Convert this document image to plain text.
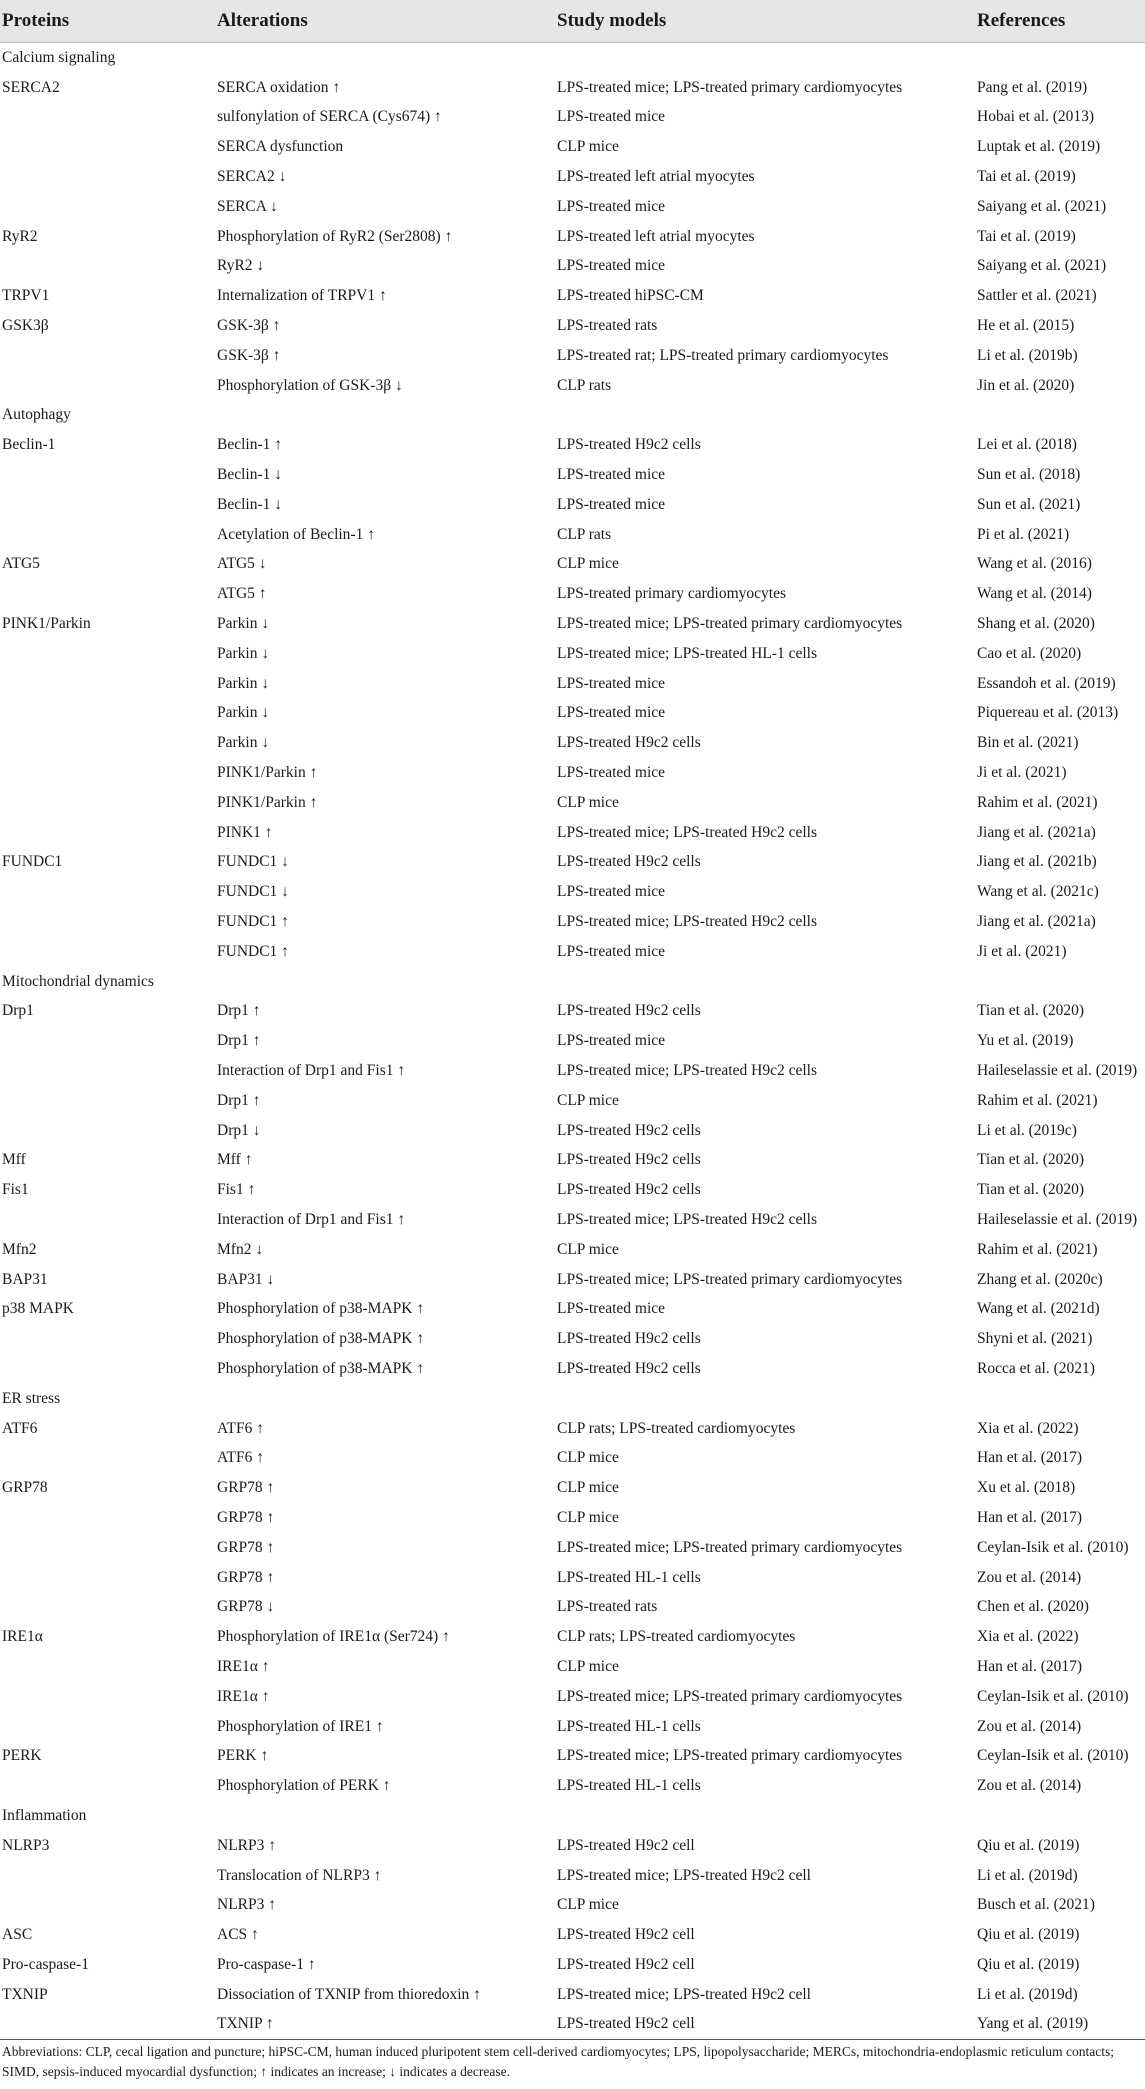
Proteins	Alterations	Study models	References
Calcium signaling			
SERCA2	SERCA oxidation ↑	LPS-treated mice; LPS-treated primary cardiomyocytes	Pang et al. (2019)
	sulfonylation of SERCA (Cys674) ↑	LPS-treated mice	Hobai et al. (2013)
	SERCA dysfunction	CLP mice	Luptak et al. (2019)
	SERCA2 ↓	LPS-treated left atrial myocytes	Tai et al. (2019)
	SERCA ↓	LPS-treated mice	Saiyang et al. (2021)
RyR2	Phosphorylation of RyR2 (Ser2808) ↑	LPS-treated left atrial myocytes	Tai et al. (2019)
	RyR2 ↓	LPS-treated mice	Saiyang et al. (2021)
TRPV1	Internalization of TRPV1 ↑	LPS-treated hiPSC-CM	Sattler et al. (2021)
GSK3β	GSK-3β ↑	LPS-treated rats	He et al. (2015)
	GSK-3β ↑	LPS-treated rat; LPS-treated primary cardiomyocytes	Li et al. (2019b)
	Phosphorylation of GSK-3β ↓	CLP rats	Jin et al. (2020)
Autophagy			
Beclin-1	Beclin-1 ↑	LPS-treated H9c2 cells	Lei et al. (2018)
	Beclin-1 ↓	LPS-treated mice	Sun et al. (2018)
	Beclin-1 ↓	LPS-treated mice	Sun et al. (2021)
	Acetylation of Beclin-1 ↑	CLP rats	Pi et al. (2021)
ATG5	ATG5 ↓	CLP mice	Wang et al. (2016)
	ATG5 ↑	LPS-treated primary cardiomyocytes	Wang et al. (2014)
PINK1/Parkin	Parkin ↓	LPS-treated mice; LPS-treated primary cardiomyocytes	Shang et al. (2020)
	Parkin ↓	LPS-treated mice; LPS-treated HL-1 cells	Cao et al. (2020)
	Parkin ↓	LPS-treated mice	Essandoh et al. (2019)
	Parkin ↓	LPS-treated mice	Piquereau et al. (2013)
	Parkin ↓	LPS-treated H9c2 cells	Bin et al. (2021)
	PINK1/Parkin ↑	LPS-treated mice	Ji et al. (2021)
	PINK1/Parkin ↑	CLP mice	Rahim et al. (2021)
	PINK1 ↑	LPS-treated mice; LPS-treated H9c2 cells	Jiang et al. (2021a)
FUNDC1	FUNDC1 ↓	LPS-treated H9c2 cells	Jiang et al. (2021b)
	FUNDC1 ↓	LPS-treated mice	Wang et al. (2021c)
	FUNDC1 ↑	LPS-treated mice; LPS-treated H9c2 cells	Jiang et al. (2021a)
	FUNDC1 ↑	LPS-treated mice	Ji et al. (2021)
Mitochondrial dynamics			
Drp1	Drp1 ↑	LPS-treated H9c2 cells	Tian et al. (2020)
	Drp1 ↑	LPS-treated mice	Yu et al. (2019)
	Interaction of Drp1 and Fis1 ↑	LPS-treated mice; LPS-treated H9c2 cells	Haileselassie et al. (2019)
	Drp1 ↑	CLP mice	Rahim et al. (2021)
	Drp1 ↓	LPS-treated H9c2 cells	Li et al. (2019c)
Mff	Mff ↑	LPS-treated H9c2 cells	Tian et al. (2020)
Fis1	Fis1 ↑	LPS-treated H9c2 cells	Tian et al. (2020)
	Interaction of Drp1 and Fis1 ↑	LPS-treated mice; LPS-treated H9c2 cells	Haileselassie et al. (2019)
Mfn2	Mfn2 ↓	CLP mice	Rahim et al. (2021)
BAP31	BAP31 ↓	LPS-treated mice; LPS-treated primary cardiomyocytes	Zhang et al. (2020c)
p38 MAPK	Phosphorylation of p38-MAPK ↑	LPS-treated mice	Wang et al. (2021d)
	Phosphorylation of p38-MAPK ↑	LPS-treated H9c2 cells	Shyni et al. (2021)
	Phosphorylation of p38-MAPK ↑	LPS-treated H9c2 cells	Rocca et al. (2021)
ER stress			
ATF6	ATF6 ↑	CLP rats; LPS-treated cardiomyocytes	Xia et al. (2022)
	ATF6 ↑	CLP mice	Han et al. (2017)
GRP78	GRP78 ↑	CLP mice	Xu et al. (2018)
	GRP78 ↑	CLP mice	Han et al. (2017)
	GRP78 ↑	LPS-treated mice; LPS-treated primary cardiomyocytes	Ceylan-Isik et al. (2010)
	GRP78 ↑	LPS-treated HL-1 cells	Zou et al. (2014)
	GRP78 ↓	LPS-treated rats	Chen et al. (2020)
IRE1α	Phosphorylation of IRE1α (Ser724) ↑	CLP rats; LPS-treated cardiomyocytes	Xia et al. (2022)
	IRE1α ↑	CLP mice	Han et al. (2017)
	IRE1α ↑	LPS-treated mice; LPS-treated primary cardiomyocytes	Ceylan-Isik et al. (2010)
	Phosphorylation of IRE1 ↑	LPS-treated HL-1 cells	Zou et al. (2014)
PERK	PERK ↑	LPS-treated mice; LPS-treated primary cardiomyocytes	Ceylan-Isik et al. (2010)
	Phosphorylation of PERK ↑	LPS-treated HL-1 cells	Zou et al. (2014)
Inflammation			
NLRP3	NLRP3 ↑	LPS-treated H9c2 cell	Qiu et al. (2019)
	Translocation of NLRP3 ↑	LPS-treated mice; LPS-treated H9c2 cell	Li et al. (2019d)
	NLRP3 ↑	CLP mice	Busch et al. (2021)
ASC	ACS ↑	LPS-treated H9c2 cell	Qiu et al. (2019)
Pro-caspase-1	Pro-caspase-1 ↑	LPS-treated H9c2 cell	Qiu et al. (2019)
TXNIP	Dissociation of TXNIP from thioredoxin ↑	LPS-treated mice; LPS-treated H9c2 cell	Li et al. (2019d)
	TXNIP ↑	LPS-treated H9c2 cell	Yang et al. (2019)
Abbreviations: CLP, cecal ligation and puncture; hiPSC-CM, human induced pluripotent stem cell-derived cardiomyocytes; LPS, lipopolysaccharide; MERCs, mitochondria-endoplasmic reticulum contacts; SIMD, sepsis-induced myocardial dysfunction; ↑ indicates an increase; ↓ indicates a decrease.
